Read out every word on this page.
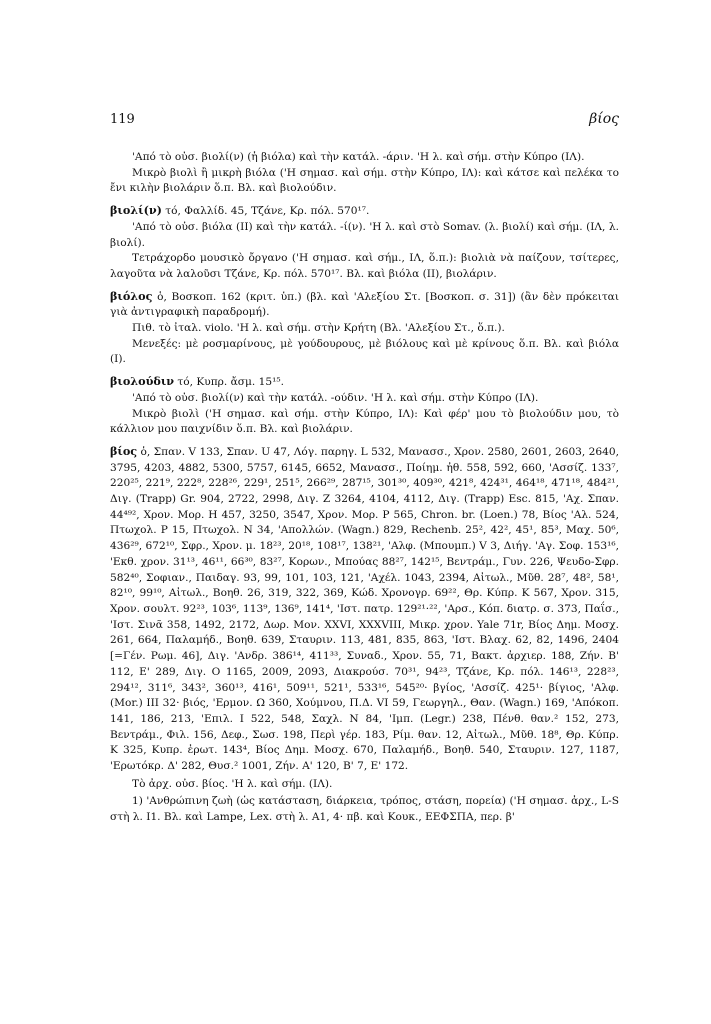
119	βίος

'Από τὸ οὐσ. βιολί(ν) (ἡ βιόλα) καὶ τὴν κατάλ. -άριν. 'Η λ. καὶ σήμ. στὴν Κύπρο (ΙΛ).

Μικρὸ βιολὶ ἢ μικρὴ βιόλα ('Η σημασ. καὶ σήμ. στὴν Κύπρο, ΙΛ): καὶ κάτσε καὶ πελέκα το ἔνι κιλὴν βιολάριν ὅ.π. Βλ. καὶ βιολούδιν.

βιολί(ν) τό, Φαλλίδ. 45, Τζάνε, Κρ. πόλ. 570¹⁷.

'Από τὸ οὐσ. βιόλα (ΙΙ) καὶ τὴν κατάλ. -ί(ν). 'Η λ. καὶ στὸ Somav. (λ. βιολί) καὶ σήμ. (ΙΛ, λ. βιολί).

Τετράχορδο μουσικὸ ὄργανο ('Η σημασ. καὶ σήμ., ΙΛ, ὅ.π.): βιολιὰ νὰ παίζουν, τσίτερες, λαγοῦτα νὰ λαλοῦσι Τζάνε, Κρ. πόλ. 570¹⁷. Βλ. καὶ βιόλα (ΙΙ), βιολάριν.

βιόλος ὁ, Βοσκοπ. 162 (κριτ. ὑπ.) (βλ. καὶ 'Αλεξίου Στ. [Βοσκοπ. σ. 31]) (ἂν δὲν πρόκειται γιὰ ἀντιγραφικὴ παραδρομή).

Πιθ. τὸ ἰταλ. violo. 'Η λ. καὶ σήμ. στὴν Κρήτη (Βλ. 'Αλεξίου Στ., ὅ.π.).

Μενεξές: μὲ ροσμαρίνους, μὲ γούδουρους, μὲ βιόλους καὶ μὲ κρίνους ὅ.π. Βλ. καὶ βιόλα (Ι).

βιολούδιν τό, Κυπρ. ἄσμ. 15¹⁵.

'Από τὸ οὐσ. βιολί(ν) καὶ τὴν κατάλ. -ούδιν. 'Η λ. καὶ σήμ. στὴν Κύπρο (ΙΛ).

Μικρὸ βιολὶ ('Η σημασ. καὶ σήμ. στὴν Κύπρο, ΙΛ): Καὶ φέρ' μου τὸ βιολούδιν μου, τὸ κάλλιον μου παιχνίδιν ὅ.π. Βλ. καὶ βιολάριν.

βίος ὁ, Σπαν. V 133, Σπαν. U 47, Λόγ. παρηγ. L 532, Μανασσ., Χρον. 2580, 2601, 2603, 2640, 3795, 4203, 4882, 5300, 5757, 6145, 6652, Μανασσ., Ποίημ. ἠθ. 558, 592, 660, 'Ασσίζ. 133⁷, 220²⁵, 221⁹, 222⁸, 228²⁶, 229¹, 251⁵, 266²⁹, 287¹⁵, 301³⁰, 409³⁰, 421⁸, 424³¹, 464¹⁸, 471¹⁸, 484²¹, Διγ. (Trapp) Gr. 904, 2722, 2998, Διγ. Ζ 3264, 4104, 4112, Διγ. (Trapp) Esc. 815, 'Αχ. Σπαν. 44⁴⁹², Χρον. Μορ. Η 457, 3250, 3547, Χρον. Μορ. P 565, Chron. br. (Loen.) 78, Βίος 'Αλ. 524, Πτωχολ. P 15, Πτωχολ. N 34, 'Απολλών. (Wagn.) 829, Rechenb. 25², 42², 45¹, 85³, Μαχ. 50⁶, 436²⁹, 672¹⁰, Σφρ., Χρον. μ. 18²³, 20¹⁸, 108¹⁷, 138²¹, 'Αλφ. (Μπουμπ.) V 3, Διήγ. 'Αγ. Σοφ. 153¹⁶, 'Εκθ. χρον. 31¹³, 46¹¹, 66³⁰, 83²⁷, Κορων., Μπούας 88²⁷, 142¹⁵, Βεντράμ., Γυν. 226, Ψευδο-Σφρ. 582⁴⁰, Σοφιαν., Παιδαγ. 93, 99, 101, 103, 121, 'Αχέλ. 1043, 2394, Αἰτωλ., Μῦθ. 28⁷, 48², 58¹, 82¹⁰, 99¹⁰, Αἰτωλ., Βοηθ. 26, 319, 322, 369, Κώδ. Χρονογρ. 69²², Θρ. Κύπρ. Κ 567, Χρον. 315, Χρον. σουλτ. 92²³, 103⁶, 113⁹, 136⁹, 141⁴, 'Ιστ. πατρ. 129²¹·²², 'Αρσ., Κόπ. διατρ. σ. 373, Παΐσ., 'Ιστ. Σινᾶ 358, 1492, 2172, Δωρ. Μον. XXVI, XXXVIII, Μικρ. χρον. Yale 71r, Βίος Δημ. Μοσχ. 261, 664, Παλαμήδ., Βοηθ. 639, Σταυριν. 113, 481, 835, 863, 'Ιστ. Βλαχ. 62, 82, 1496, 2404 [=Γέν. Ρωμ. 46], Διγ. 'Ανδρ. 386¹⁴, 411³³, Συναδ., Χρον. 55, 71, Βακτ. ἀρχιερ. 188, Ζήν. Β' 112, Ε' 289, Διγ. Ο 1165, 2009, 2093, Διακρούσ. 70³¹, 94²³, Τζάνε, Κρ. πόλ. 146¹³, 228²³, 294¹², 311⁶, 343², 360¹³, 416¹, 509¹¹, 521¹, 533¹⁶, 545²⁰· βγίος, 'Ασσίζ. 425¹· βίγιος, 'Αλφ. (Mor.) III 32· βιός, 'Ερμον. Ω 360, Χούμνου, Π.Δ. VI 59, Γεωργηλ., Θαν. (Wagn.) 169, 'Απόκοπ. 141, 186, 213, 'Επιλ. Ι 522, 548, Σαχλ. Ν 84, 'Ιμπ. (Legr.) 238, Πένθ. θαν.² 152, 273, Βεντράμ., Φιλ. 156, Δεφ., Σωσ. 198, Περὶ γέρ. 183, Ρίμ. θαν. 12, Αἰτωλ., Μῦθ. 18⁸, Θρ. Κύπρ. Κ 325, Κυπρ. ἐρωτ. 143⁴, Βίος Δημ. Μοσχ. 670, Παλαμήδ., Βοηθ. 540, Σταυριν. 127, 1187, 'Ερωτόκρ. Δ' 282, Θυσ.² 1001, Ζήν. Α' 120, Β' 7, Ε' 172.

Τὸ ἀρχ. οὐσ. βίος. 'Η λ. καὶ σήμ. (ΙΛ).

1) 'Ανθρώπινη ζωὴ (ὡς κατάσταση, διάρκεια, τρόπος, στάση, πορεία) ('Η σημασ. ἀρχ., L-S στὴ λ. Ι1. Βλ. καὶ Lampe, Lex. στὴ λ. Α1, 4· πβ. καὶ Κουκ., ΕΕΦΣΠΑ, περ. β'
